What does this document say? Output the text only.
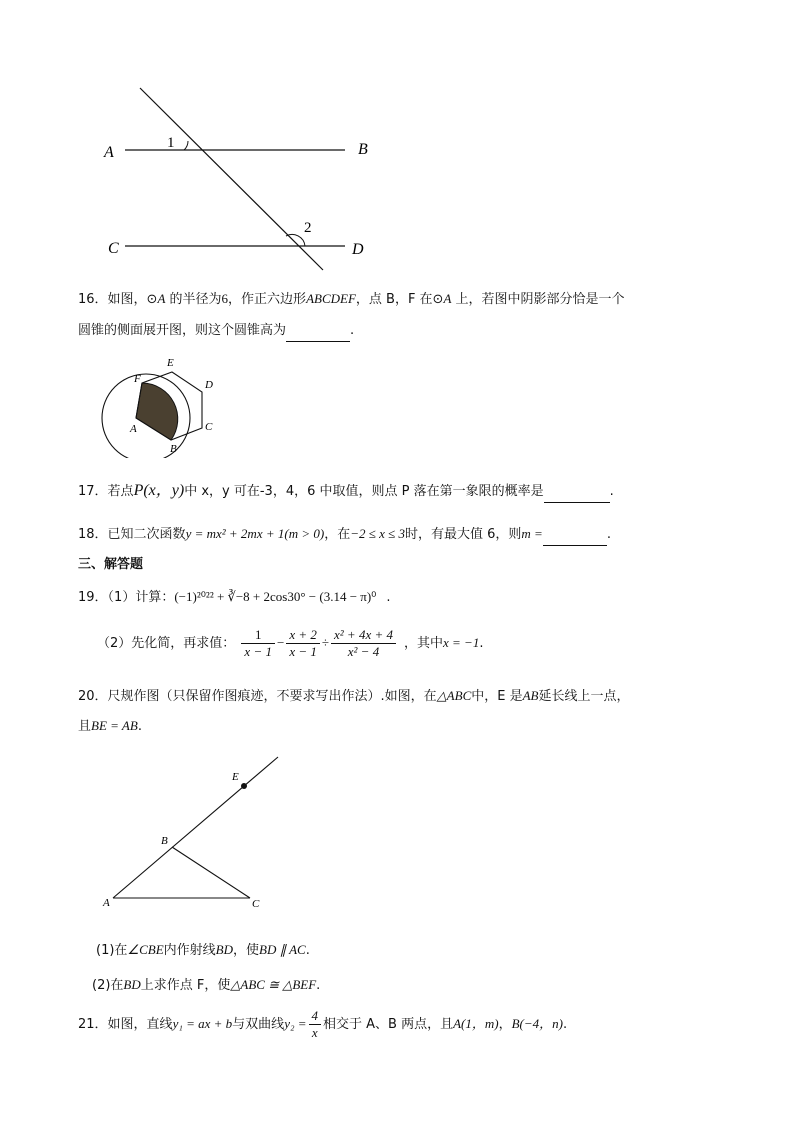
A	B
C	D
1
2
16．如图，⊙A 的半径为6，作正六边形ABCDEF，点 B，F 在⊙A 上，若图中阴影部分恰是一个
圆锥的侧面展开图，则这个圆锥高为	.
A
B
C
D
E
F
17．若点P(x，y)中 x，y 可在-3，4，6 中取值，则点 P 落在第一象限的概率是	.
18．已知二次函数y = mx² + 2mx + 1(m > 0)，在−2 ≤ x ≤ 3时，有最大值 6，则m =	.
三、解答题
19．（1）计算：(−1)²⁰²² + ∛−8 + 2cos30° − (3.14 − π)⁰ .
（2）先化简，再求值： $\frac{1}{x - 1} - \frac{x + 2}{x - 1} \div \frac{\text{x² + 4x + 4}}{\text{x² − 4}}$ ，其中x = −1.
20．尺规作图（只保留作图痕迹，不要求写出作法）.如图，在△ABC中，E 是AB延长线上一点，
且BE = AB.
A
B
C
E
(1)在∠CBE内作射线BD，使BD ∥ AC.
(2)在BD上求作点 F，使△ABC ≅ △BEF.
21．如图，直线y₁ = ax + b与双曲线$y_2 = \frac{4}{x}$ 相交于 A、B 两点，且A(1，m)，B(−4，n).
